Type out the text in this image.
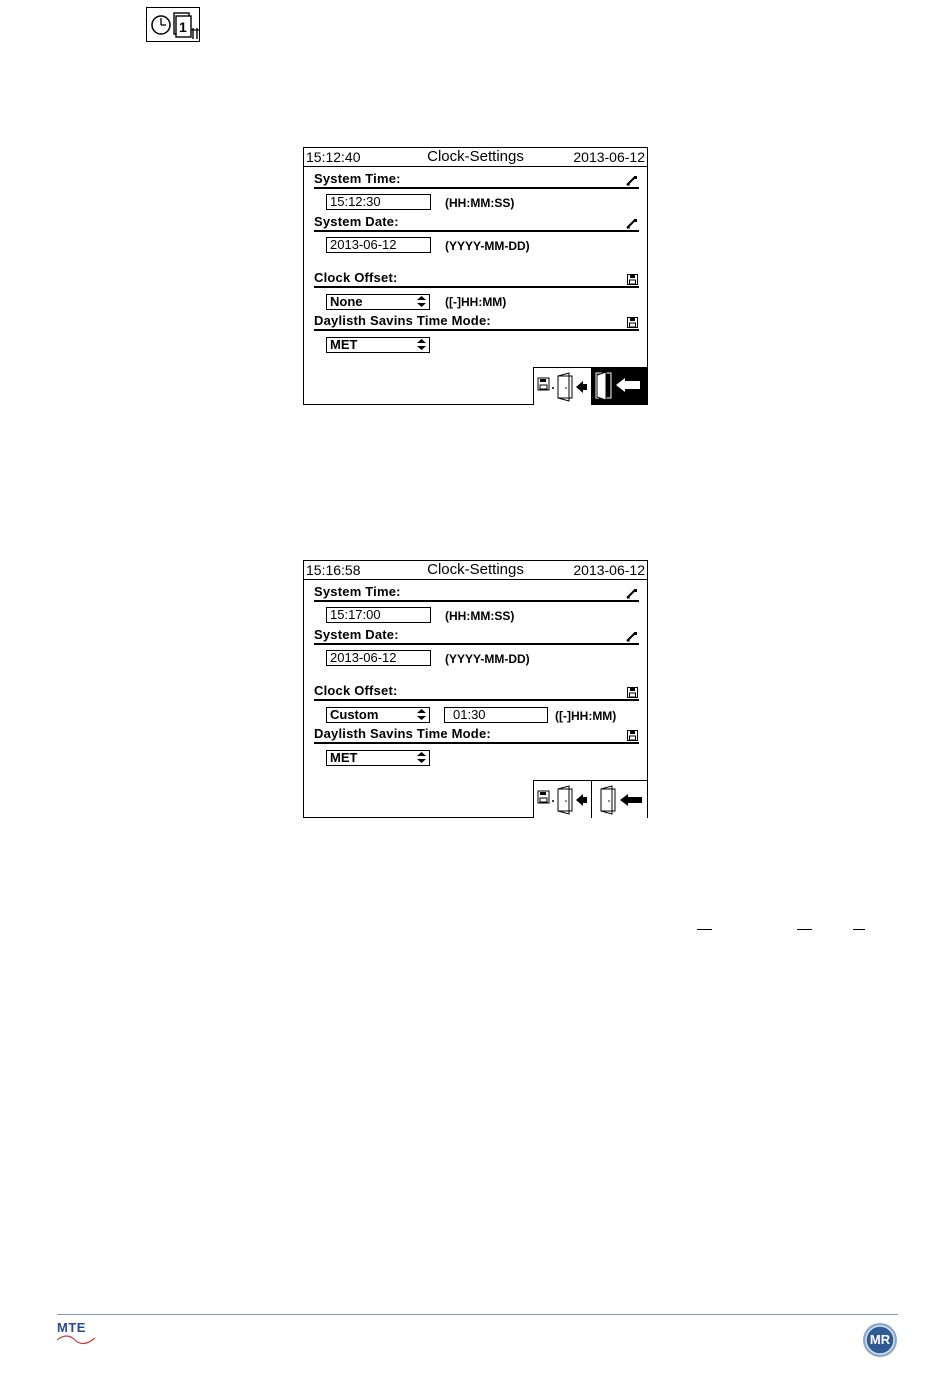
1
15:12:40	Clock-Settings	2013-06-12
System Time:
15:12:30	(HH:MM:SS)
System Date:
2013-06-12	(YYYY-MM-DD)
Clock Offset:
None	([-]HH:MM)
Daylisth Savins Time Mode:
MET
15:16:58	Clock-Settings	2013-06-12
System Time:
15:17:00	(HH:MM:SS)
System Date:
2013-06-12	(YYYY-MM-DD)
Clock Offset:
Custom	01:30	([-]HH:MM)
Daylisth Savins Time Mode:
MET
MTE
MR
